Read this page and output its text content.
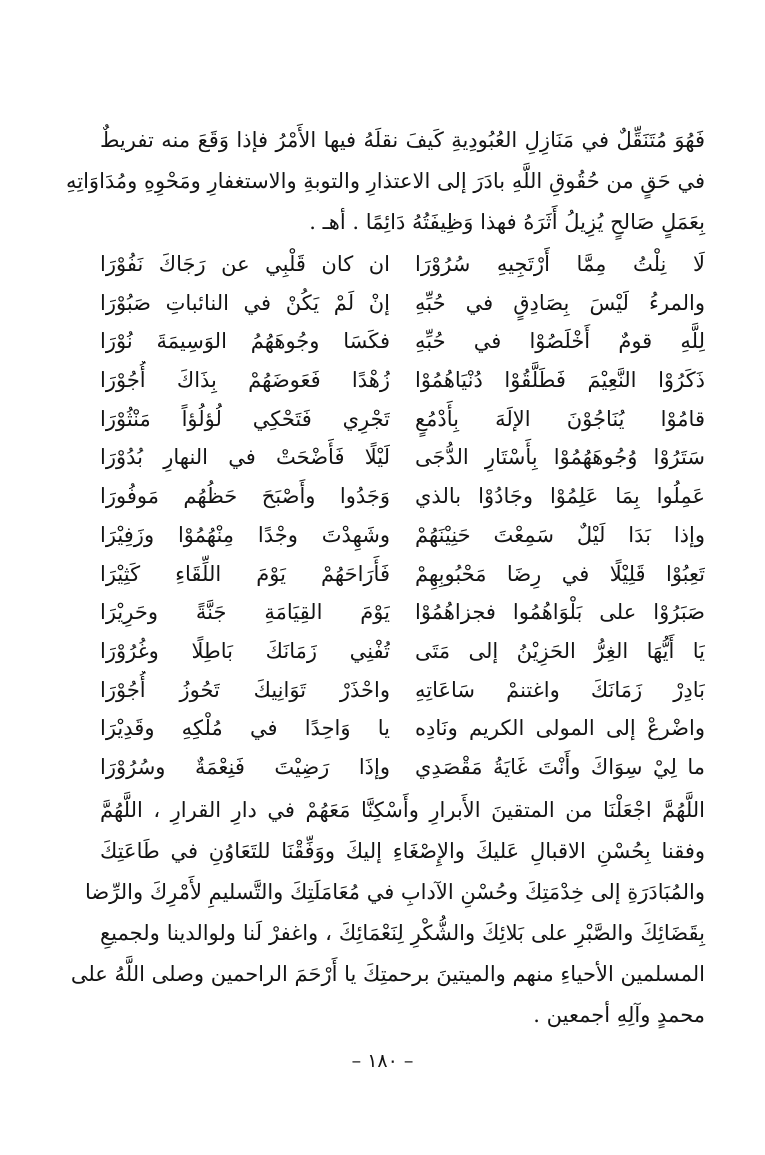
فَهُوَ مُتَنَقِّلٌ في مَنَازِلِ العُبُودِيةِ كَيفَ نقلَهُ فيها الأَمْرُ فإذا وَقَعَ منه تفريطٌ
في حَقٍ من حُقُوقِ اللَّهِ بادَرَ إلى الاعتذارِ والتوبةِ والاستغفارِ ومَحْوِهِ ومُدَاوَاتِهِ
بِعَمَلٍ صَالحٍ يُزِيلُ أَثَرَهُ فهذا وَظِيفَتُهُ دَائِمًا . أهـ .
لَا نِلْتُ مِمَّا أَرْتَجِيهِ سُرُوْرَا
ان كان قَلْبِي عن رَجَاكَ نَفُوْرَا
والمرءُ لَيْسَ بِصَادِقٍ في حُبِّهِ
إنْ لَمْ يَكُنْ في النائباتِ صَبُوْرَا
لِلَّهِ قومٌ أَخْلَصُوْا في حُبِّهِ
فكَسَا وجُوهَهُمُ الوَسِيمَةَ نُوْرَا
ذَكَرُوْا النَّعِيْمَ فَطَلَّقُوْا دُنْيَاهُمُوْا
زُهْدًا فَعَوضَهُمْ بِذَاكَ أُجُوْرَا
قامُوْا يُنَاجُوْنَ الإلَهَ بِأَدْمُعٍ
تَجْرِي فَتَحْكِي لُؤلُؤاً مَنْثُوْرَا
سَتَرُوْا وُجُوهَهُمُوْا بِأَسْتَارِ الدُّجَى
لَيْلًا فَأَضْحَتْ في النهارِ بُدُوْرَا
عَمِلُوا بِمَا عَلِمُوْا وجَادُوْا بالذي
وَجَدُوا وأَصْبَحَ حَظُهُم مَوفُورَا
وإذا بَدَا لَيْلٌ سَمِعْتَ حَنِيْنَهُمْ
وشَهِدْتَ وجْدًا مِنْهُمُوْا وزَفِيْرَا
تَعِبُوْا قَلِيْلًا في رِضَا مَحْبُوبِهِمْ
فَأَرَاحَهُمْ يَوْمَ اللِّقَاءِ كَثِيْرَا
صَبَرُوْا على بَلْوَاهُمُوا فجزاهُمُوْا
يَوْمَ القِيَامَةِ جَنَّةً وحَرِيْرَا
يَا أَيُّهَا الغِرُّ الحَزِيْنُ إلى مَتَى
تُفْنِي زَمَانَكَ بَاطِلًا وغُرُوْرَا
بَادِرْ زَمَانَكَ واغتنمْ سَاعَاتِهِ
واحْذَرْ تَوَانِيكَ تَحُوزُ أُجُوْرَا
واضْرعْ إلى المولى الكريم ونَادِه
يا وَاحِدًا في مُلْكِهِ وقَدِيْرَا
ما لِيْ سِوَاكَ وأَنْتَ غَايَةُ مَقْصَدِي
وإذَا رَضِيْتَ فَنِعْمَةٌ وسُرُوْرَا
اللَّهُمَّ اجْعَلْنَا من المتقينَ الأَبرارِ وأَسْكِنَّا مَعَهُمْ في دارِ القرارِ ، اللَّهُمَّ
وفقنا بِحُسْنِ الاقبالِ عَليكَ والإِصْغَاءِ إليكَ ووَفِّقْنَا للتَعَاوُنِ في طَاعَتِكَ
والمُبَادَرَةِ إلى خِدْمَتِكَ وحُسْنِ الآدابِ في مُعَامَلَتِكَ والتَّسليمِ لأَمْرِكَ والرِّضا
بِقَضَائِكَ والصَّبْرِ على بَلائِكَ والشُّكْرِ لِنَعْمَائِكَ ، واغفرْ لَنا ولوالدينا ولجميعِ
المسلمين الأحياءِ منهم والميتينَ برحمتِكَ يا أَرْحَمَ الراحمين وصلى اللَّهُ على
محمدٍ وآلِهِ أجمعين .
– ١٨٠ –
